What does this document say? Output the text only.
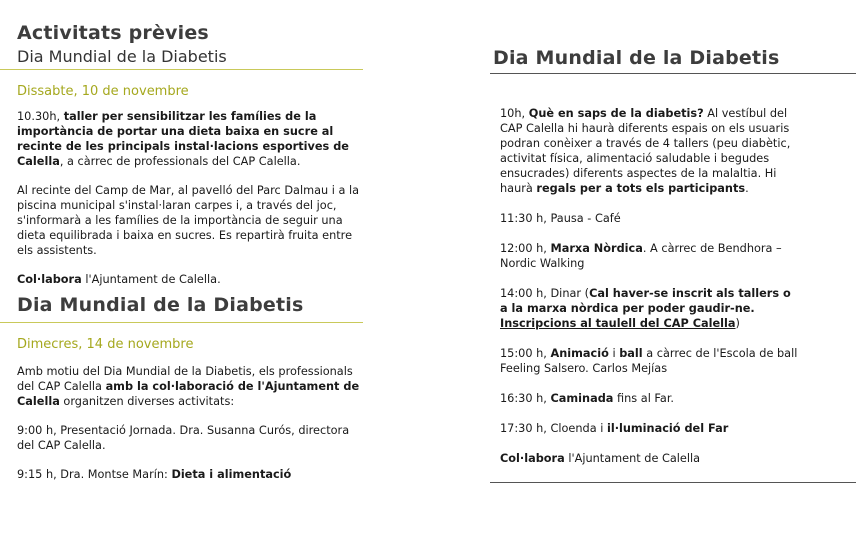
Activitats prèvies
Dia Mundial de la Diabetis
Dissabte, 10 de novembre
10.30h, taller per sensibilitzar les famílies de la importància de portar una dieta baixa en sucre al recinte de les principals instal·lacions esportives de Calella, a càrrec de professionals del CAP Calella.
Al recinte del Camp de Mar, al pavelló del Parc Dalmau i a la piscina municipal s'instal·laran carpes i, a través del joc, s'informarà a les famílies de la importància de seguir una dieta equilibrada i baixa en sucres. Es repartirà fruita entre els assistents.
Col·labora l'Ajuntament de Calella.
Dia Mundial de la Diabetis
Dimecres, 14 de novembre
Amb motiu del Dia Mundial de la Diabetis, els professionals del CAP Calella amb la col·laboració de l'Ajuntament de Calella organitzen diverses activitats:
9:00 h, Presentació Jornada. Dra. Susanna Curós, directora del CAP Calella.
9:15 h, Dra. Montse Marín: Dieta i alimentació
Dia Mundial de la Diabetis
10h, Què en saps de la diabetis? Al vestíbul del CAP Calella hi haurà diferents espais on els usuaris podran conèixer a través de 4 tallers (peu diabètic, activitat física, alimentació saludable i begudes ensucrades) diferents aspectes de la malaltia. Hi haurà regals per a tots els participants.
11:30 h, Pausa - Café
12:00 h, Marxa Nòrdica. A càrrec de Bendhora – Nordic Walking
14:00 h, Dinar (Cal haver-se inscrit als tallers o a la marxa nòrdica per poder gaudir-ne. Inscripcions al taulell del CAP Calella)
15:00 h, Animació i ball a càrrec de l'Escola de ball Feeling Salsero. Carlos Mejías
16:30 h, Caminada fins al Far.
17:30 h, Cloenda i il·luminació del Far
Col·labora l'Ajuntament de Calella
